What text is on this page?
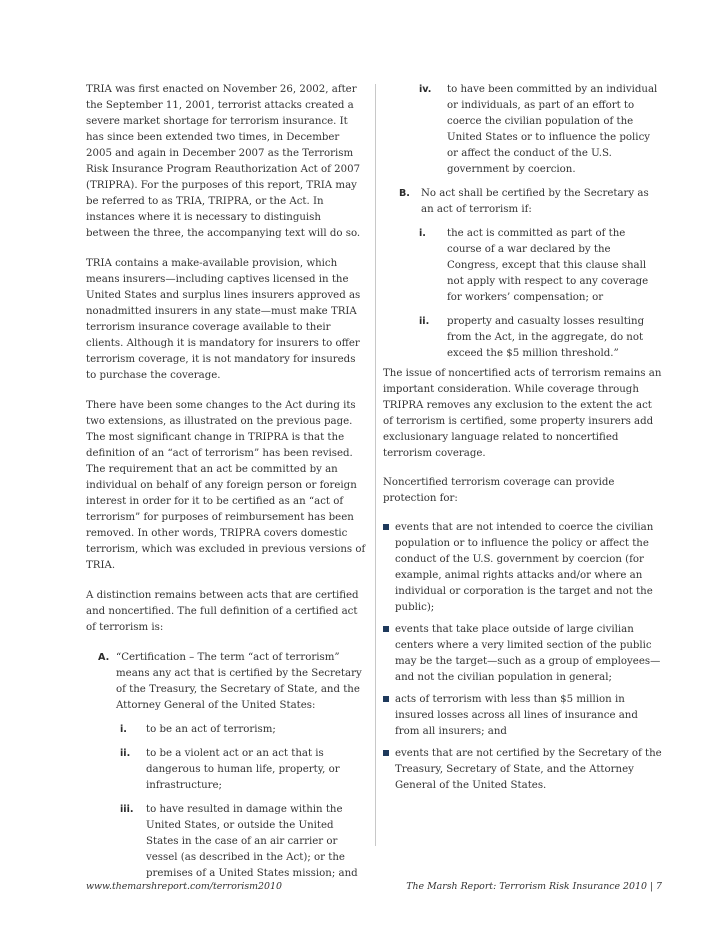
TRIA was first enacted on November 26, 2002, after the September 11, 2001, terrorist attacks created a severe market shortage for terrorism insurance. It has since been extended two times, in December 2005 and again in December 2007 as the Terrorism Risk Insurance Program Reauthorization Act of 2007 (TRIPRA). For the purposes of this report, TRIA may be referred to as TRIA, TRIPRA, or the Act. In instances where it is necessary to distinguish between the three, the accompanying text will do so.

TRIA contains a make-available provision, which means insurers—including captives licensed in the United States and surplus lines insurers approved as nonadmitted insurers in any state—must make TRIA terrorism insurance coverage available to their clients. Although it is mandatory for insurers to offer terrorism coverage, it is not mandatory for insureds to purchase the coverage.

There have been some changes to the Act during its two extensions, as illustrated on the previous page. The most significant change in TRIPRA is that the definition of an “act of terrorism” has been revised. The requirement that an act be committed by an individual on behalf of any foreign person or foreign interest in order for it to be certified as an “act of terrorism” for purposes of reimbursement has been removed. In other words, TRIPRA covers domestic terrorism, which was excluded in previous versions of TRIA.

A distinction remains between acts that are certified and noncertified. The full definition of a certified act of terrorism is:

A. “Certification – The term “act of terrorism” means any act that is certified by the Secretary of the Treasury, the Secretary of State, and the Attorney General of the United States:
i.	to be an act of terrorism;
ii.	to be a violent act or an act that is dangerous to human life, property, or infrastructure;
iii.	to have resulted in damage within the United States, or outside the United States in the case of an air carrier or vessel (as described in the Act); or the premises of a United States mission; and
iv.	to have been committed by an individual or individuals, as part of an effort to coerce the civilian population of the United States or to influence the policy or affect the conduct of the U.S. government by coercion.
B.	No act shall be certified by the Secretary as an act of terrorism if:
i.	the act is committed as part of the course of a war declared by the Congress, except that this clause shall not apply with respect to any coverage for workers’ compensation; or
ii.	property and casualty losses resulting from the Act, in the aggregate, do not exceed the $5 million threshold.”

The issue of noncertified acts of terrorism remains an important consideration. While coverage through TRIPRA removes any exclusion to the extent the act of terrorism is certified, some property insurers add exclusionary language related to noncertified terrorism coverage.

Noncertified terrorism coverage can provide protection for:

events that are not intended to coerce the civilian population or to influence the policy or affect the conduct of the U.S. government by coercion (for example, animal rights attacks and/or where an individual or corporation is the target and not the public);
events that take place outside of large civilian centers where a very limited section of the public may be the target—such as a group of employees—and not the civilian population in general;
acts of terrorism with less than $5 million in insured losses across all lines of insurance and from all insurers; and
events that are not certified by the Secretary of the Treasury, Secretary of State, and the Attorney General of the United States.
www.themarshreport.com/terrorism2010	The Marsh Report: Terrorism Risk Insurance 2010 | 7
